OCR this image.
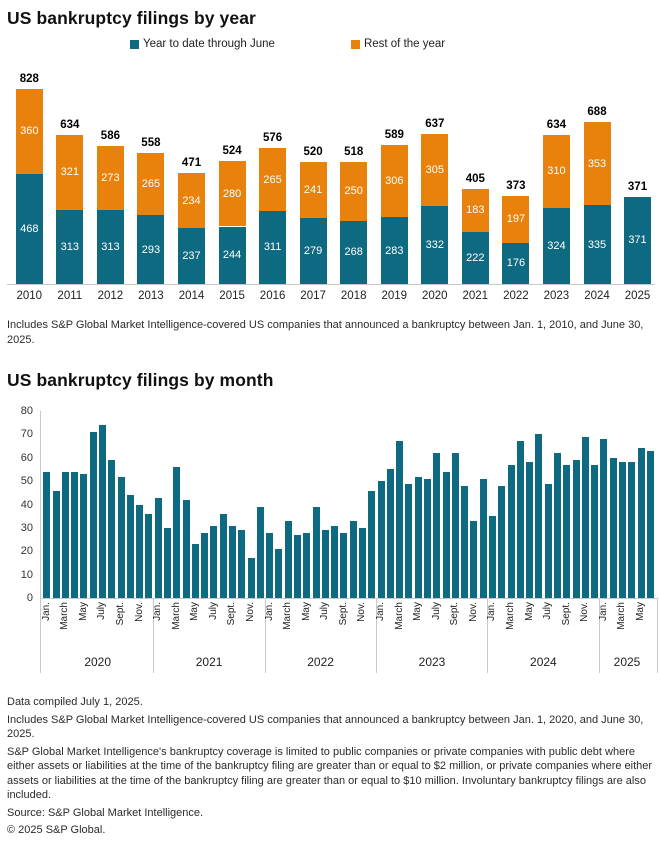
US bankruptcy filings by year
Year to date through June	Rest of the year
828
360
468
2010
634
321
313
2011
586
273
313
2012
558
265
293
2013
471
234
237
2014
524
280
244
2015
576
265
311
2016
520
241
279
2017
518
250
268
2018
589
306
283
2019
637
305
332
2020
405
183
222
2021
373
197
176
2022
634
310
324
2023
688
353
335
2024
371
371
2025

Includes S&P Global Market Intelligence-covered US companies that announced a bankruptcy between Jan. 1, 2010, and June 30, 2025.

US bankruptcy filings by month
0
10
20
30
40
50
60
70
80
Jan. March May July Sept. Nov.
2020
Jan. March May July Sept. Nov.
2021
Jan. March May July Sept. Nov.
2022
Jan. March May July Sept. Nov.
2023
Jan. March May July Sept. Nov.
2024
Jan. March May
2025

Data compiled July 1, 2025.

Includes S&P Global Market Intelligence-covered US companies that announced a bankruptcy between Jan. 1, 2020, and June 30, 2025.

S&P Global Market Intelligence's bankruptcy coverage is limited to public companies or private companies with public debt where either assets or liabilities at the time of the bankruptcy filing are greater than or equal to $2 million, or private companies where either assets or liabilities at the time of the bankruptcy filing are greater than or equal to $10 million. Involuntary bankruptcy filings are also included.

Source: S&P Global Market Intelligence.

© 2025 S&P Global.
